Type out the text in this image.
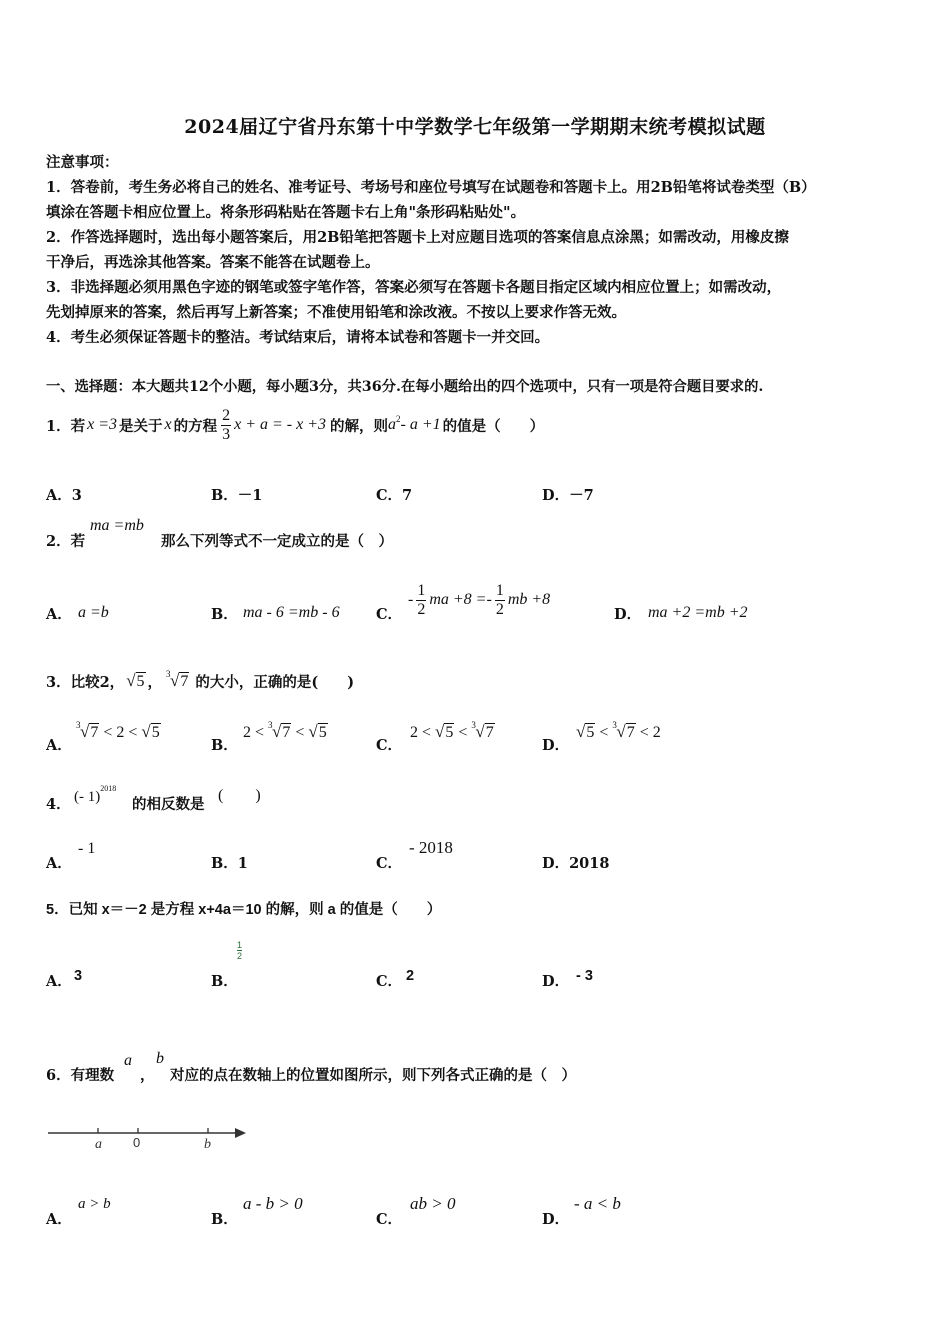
2024届辽宁省丹东第十中学数学七年级第一学期期末统考模拟试题
注意事项：
1．答卷前，考生务必将自己的姓名、准考证号、考场号和座位号填写在试题卷和答题卡上。用2B铅笔将试卷类型（B）
填涂在答题卡相应位置上。将条形码粘贴在答题卡右上角"条形码粘贴处"。
2．作答选择题时，选出每小题答案后，用2B铅笔把答题卡上对应题目选项的答案信息点涂黑；如需改动，用橡皮擦
干净后，再选涂其他答案。答案不能答在试题卷上。
3．非选择题必须用黑色字迹的钢笔或签字笔作答，答案必须写在答题卡各题目指定区域内相应位置上；如需改动，
先划掉原来的答案，然后再写上新答案；不准使用铅笔和涂改液。不按以上要求作答无效。
4．考生必须保证答题卡的整洁。考试结束后，请将本试卷和答题卡一并交回。
一、选择题：本大题共12个小题，每小题3分，共36分.在每小题给出的四个选项中，只有一项是符合题目要求的.
1．若 x =3 是关于 x 的方程 $\frac{2}{3}$ x + a = - x +3 的解，则 $a^2 - a +1$ 的值是（　　）
A．3	B．－1	C．7	D．－7
2．若
ma =mb
那么下列等式不一定成立的是（　）
A． a =b	B． ma - 6 =mb - 6	C．
- $\frac{1}{2}$ ma $+8 =- \frac{1}{2}$ mb +8
D． ma +2 =mb +2
3．比较2， √5 ， 3 √7 的大小，正确的是(　　)
A．
3 √7 < 2 < √5
B．
2 < 3 √7 < √5
C．
2 < √5 < 3 √7
D．
√5 < 3 √7 < 2
4． (- 1)$^{2018}$
的相反数是
(　　)
A．
- 1
B．1	C．
- 2018
D．2018
5．已知 x＝－2 是方程 x+4a＝10 的解，则 a 的值是（　　）
A． 3	B．
1
2
C． 2	D． - 3
6．有理数
a
，
b
对应的点在数轴上的位置如图所示，则下列各式正确的是（　）
a 0	b
A．
a > b
B．
a - b > 0
C．
ab > 0
D．
- a < b
